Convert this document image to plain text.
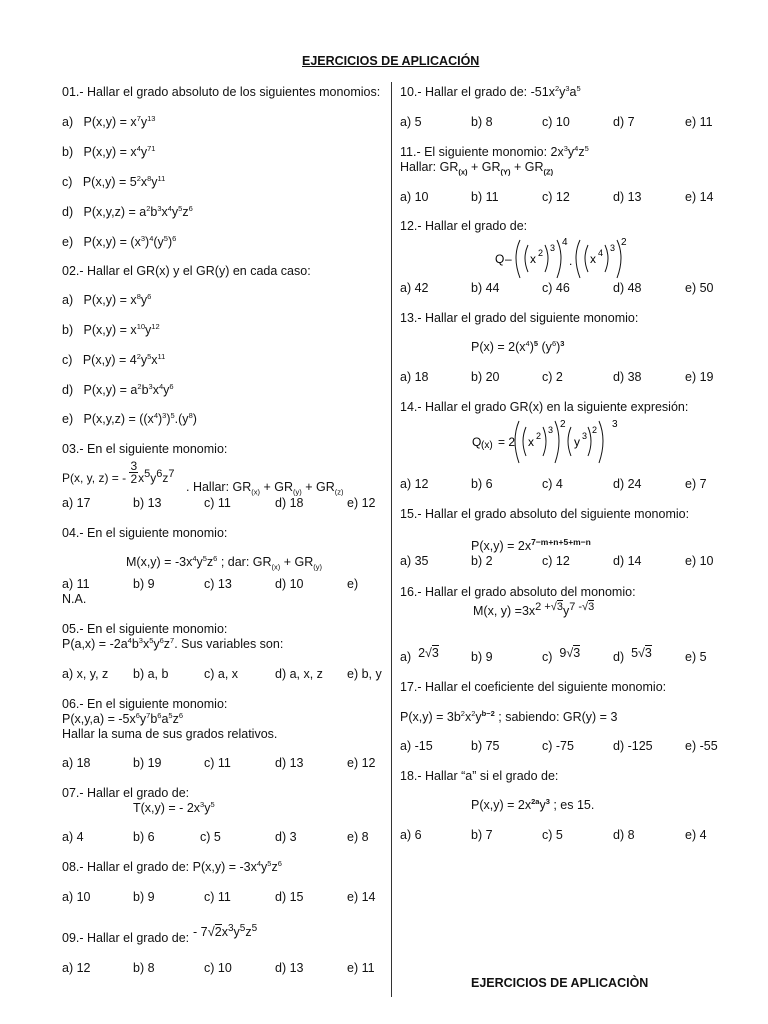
EJERCICIOS DE APLICACIÓN
01.- Hallar el grado absoluto de los siguientes monomios:
a) $P(x,y) = x^7y^{13}$
b) $P(x,y) = x^4y^{71}$
c) $P(x,y) = 5^2x^8y^{11}$
d) $P(x,y,z) = a^2b^3x^4y^5z^6$
e) $P(x,y) = (x^3)^4(y^5)^6$
02.- Hallar el GR(x) y el GR(y) en cada caso:
a) $P(x,y) = x^8y^6$
b) $P(x,y) = x^{10}y^{12}$
c) $P(x,y) = 4^2y^5x^{11}$
d) $P(x,y) = a^2b^3x^4y^6$
e) $P(x,y,z) = ((x^4)^3)^5.(y^8)$
03.- En el siguiente monomio:
P(x, y, z) = - $\frac{3}{2} x^5y^6z^7$
. Hallar: $GR_{(x)} + GR_{(y)} + GR_{(z)}$
a) 17	b) 13	c) 11	d) 18	e) 12
04.- En el siguiente monomio:
$M(x,y) = -3x^4y^5z^6$ ; dar: $GR_{(x)} + GR_{(y)}$
a) 11	b) 9	c) 13	d) 10	e)
N.A.
05.- En el siguiente monomio:
$P(a,x) = -2a^4b^3x^5y^6z^7$. Sus variables son:
a) x, y, z b) a, b	c) a, x	d) a, x, z e) b, y
06.- En el siguiente monomio:
$P(x,y,a) = -5x^6y^7b^6a^5z^6$
Hallar la suma de sus grados relativos.
a) 18	b) 19	c) 11	d) 13	e) 12
07.- Hallar el grado de:
T(x,y) = - $2x^3y^5$
a) 4	b) 6	c) 5	d) 3	e) 8
08.- Hallar el grado de: $P(x,y) = -3x^4y^5z^6$
a) 10	b) 9	c) 11	d) 15	e) 14
09.- Hallar el grado de: - $7√2x^3y^5z^5$
a) 12	b) 8	c) 10	d) 13	e) 11
10.- Hallar el grado de: $-51x^2y^3a^5$
a) 5	b) 8	c) 10	d) 7	e) 11
11.- El siguiente monomio: $2x^3y^4z^5$
Hallar: $GR_{(x)} + GR_{(Y)} + GR_{(Z)}$
a) 10	b) 11	c) 12	d) 13	e) 14
12.- Hallar el grado de:
Q – x 2 3 4
. x 4 3 2
a) 42	b) 44	c) 46	d) 48	e) 50
13.- Hallar el grado del siguiente monomio:
$P(x) = 2(x^4)^5$ $(y^6)^3$
a) 18	b) 20	c) 2	d) 38	e) 19
14.- Hallar el grado GR(x) en la siguiente expresión:
Q (x) = 2 x 2
3 2
y 3
2 3
a) 12	b) 6	c) 4	d) 24	e) 7
15.- Hallar el grado absoluto del siguiente monomio:
$P(x,y) = 2x^{7-m+n+5+m-n}$
a) 35	b) 2	c) 12	d) 14	e) 10
16.- Hallar el grado absoluto del monomio:
M(x, $y) =3x^{2 +√3}y^{7 -√3}$
a) 2√3	b) 9	c) 9√3	d) 5√3	e) 5
17.- Hallar el coeficiente del siguiente monomio:
$P(x,y) = 3b^2x^2y^{b-2}$ ; sabiendo: GR(y) = 3
a) -15	b) 75	c) -75	d) -125	e) -55
18.- Hallar “a” si el grado de:
$P(x,y) = 2x^{2a}y^3$ ; es 15.
a) 6	b) 7	c) 5	d) 8	e) 4
EJERCICIOS DE APLICACIÒN
